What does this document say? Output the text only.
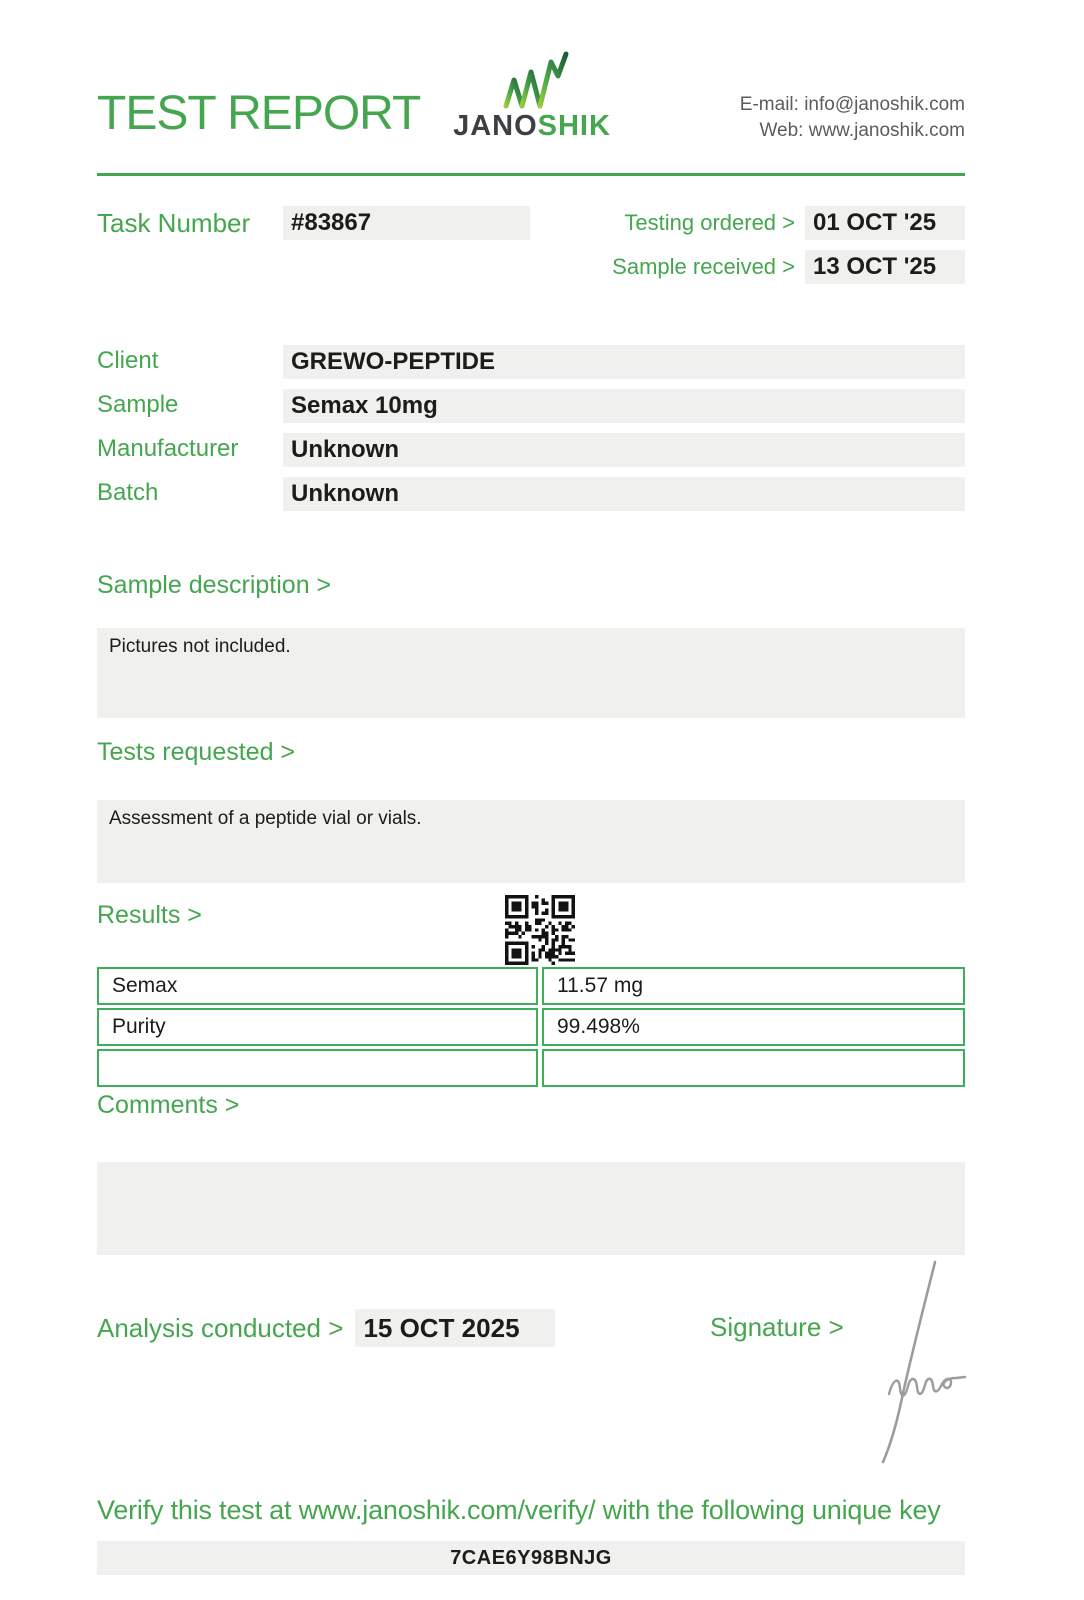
TEST REPORT	JANOSHIK
E-mail: info@janoshik.com
Web: www.janoshik.com
Task Number	#83867	Testing ordered > 01 OCT '25
Sample received > 13 OCT '25
Client	GREWO-PEPTIDE
Sample	Semax 10mg
Manufacturer	Unknown
Batch	Unknown
Sample description >
Pictures not included.
Tests requested >
Assessment of a peptide vial or vials.
Results >
Semax	11.57 mg
Purity	99.498%
Comments >
Analysis conducted > 15 OCT 2025	Signature >
Verify this test at www.janoshik.com/verify/ with the following unique key
7CAE6Y98BNJG
